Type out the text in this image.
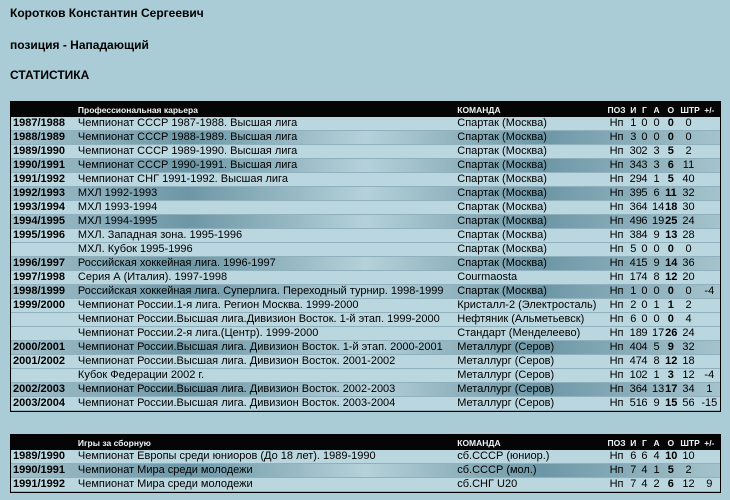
Коротков Константин Сергеевич
позиция - Нападающий
СТАТИСТИКА
	Профессиональная карьера	КОМАНДА	ПОЗ	И	Г	А	О	ШТР	+/-
1987/1988	Чемпионат СССР 1987-1988. Высшая лига	Спартак (Москва)	Нп	1	0	0	0	0	
1988/1989	Чемпионат СССР 1988-1989. Высшая лига	Спартак (Москва)	Нп	3	0	0	0	0	
1989/1990	Чемпионат СССР 1989-1990. Высшая лига	Спартак (Москва)	Нп	30	2	3	5	2	
1990/1991	Чемпионат СССР 1990-1991. Высшая лига	Спартак (Москва)	Нп	34	3	3	6	11	
1991/1992	Чемпионат СНГ 1991-1992. Высшая лига	Спартак (Москва)	Нп	29	4	1	5	40	
1992/1993	МХЛ 1992-1993	Спартак (Москва)	Нп	39	5	6	11	32	
1993/1994	МХЛ 1993-1994	Спартак (Москва)	Нп	36	4	14	18	30	
1994/1995	МХЛ 1994-1995	Спартак (Москва)	Нп	49	6	19	25	24	
1995/1996	МХЛ. Западная зона. 1995-1996	Спартак (Москва)	Нп	38	4	9	13	28	
	МХЛ. Кубок 1995-1996	Спартак (Москва)	Нп	5	0	0	0	0	
1996/1997	Российская хоккейная лига. 1996-1997	Спартак (Москва)	Нп	41	5	9	14	36	
1997/1998	Серия А (Италия). 1997-1998	Courmaosta	Нп	17	4	8	12	20	
1998/1999	Российская хоккейная лига. Суперлига. Переходный турнир. 1998-1999	Спартак (Москва)	Нп	1	0	0	0	0	-4
1999/2000	Чемпионат России.1-я лига. Регион Москва. 1999-2000	Кристалл-2 (Электросталь)	Нп	2	0	1	1	2	
	Чемпионат России.Высшая лига.Дивизион Восток. 1-й этап. 1999-2000	Нефтяник (Альметьевск)	Нп	6	0	0	0	4	
	Чемпионат России.2-я лига.(Центр). 1999-2000	Стандарт (Менделеево)	Нп	18	9	17	26	24	
2000/2001	Чемпионат России.Высшая лига. Дивизион Восток. 1-й этап. 2000-2001	Металлург (Серов)	Нп	40	4	5	9	32	
2001/2002	Чемпионат России.Высшая лига. Дивизион Восток. 2001-2002	Металлург (Серов)	Нп	47	4	8	12	18	
	Кубок Федерации 2002 г.	Металлург (Серов)	Нп	10	2	1	3	12	-4
2002/2003	Чемпионат России.Высшая лига. Дивизион Восток. 2002-2003	Металлург (Серов)	Нп	36	4	13	17	34	1
2003/2004	Чемпионат России.Высшая лига. Дивизион Восток. 2003-2004	Металлург (Серов)	Нп	51	6	9	15	56	-15
	Игры за сборную	КОМАНДА	ПОЗ	И	Г	А	О	ШТР	+/-
1989/1990	Чемпионат Европы среди юниоров (До 18 лет). 1989-1990	сб.СССР (юниор.)	Нп	6	6	4	10	10	
1990/1991	Чемпионат Мира среди молодежи	сб.СССР (мол.)	Нп	7	4	1	5	2	
1991/1992	Чемпионат Мира среди молодежи	сб.СНГ U20	Нп	7	4	2	6	12	9
